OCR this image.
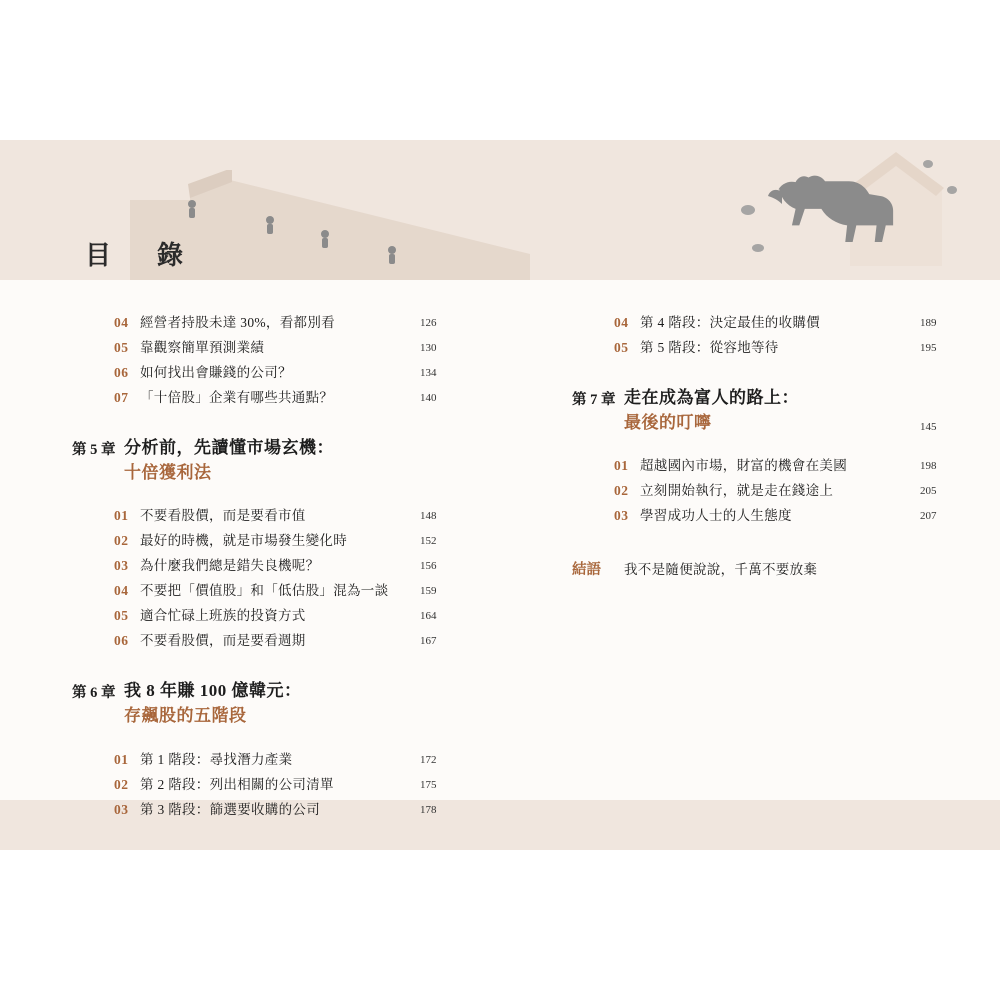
目　錄
04 經營者持股未達 30%，看都別看	126
05 靠觀察簡單預測業績	130
06 如何找出會賺錢的公司？	134
07 「十倍股」企業有哪些共通點？	140
第 5 章 分析前，先讀懂市場玄機：
十倍獲利法
01 不要看股價，而是要看市值	148
02 最好的時機，就是市場發生變化時	152
03 為什麼我們總是錯失良機呢？	156
04 不要把「價值股」和「低估股」混為一談	159
05 適合忙碌上班族的投資方式	164
06 不要看股價，而是要看週期	167
第 6 章 我 8 年賺 100 億韓元：
存飆股的五階段
01 第 1 階段：尋找潛力產業	172
02 第 2 階段：列出相關的公司清單	175
03 第 3 階段：篩選要收購的公司	178
04 第 4 階段：決定最佳的收購價	189
05 第 5 階段：從容地等待	195
第 7 章 走在成為富人的路上：
最後的叮嚀	145
01 超越國內市場，財富的機會在美國	198
02 立刻開始執行，就是走在錢途上	205
03 學習成功人士的人生態度	207
結語	我不是隨便說說，千萬不要放棄
